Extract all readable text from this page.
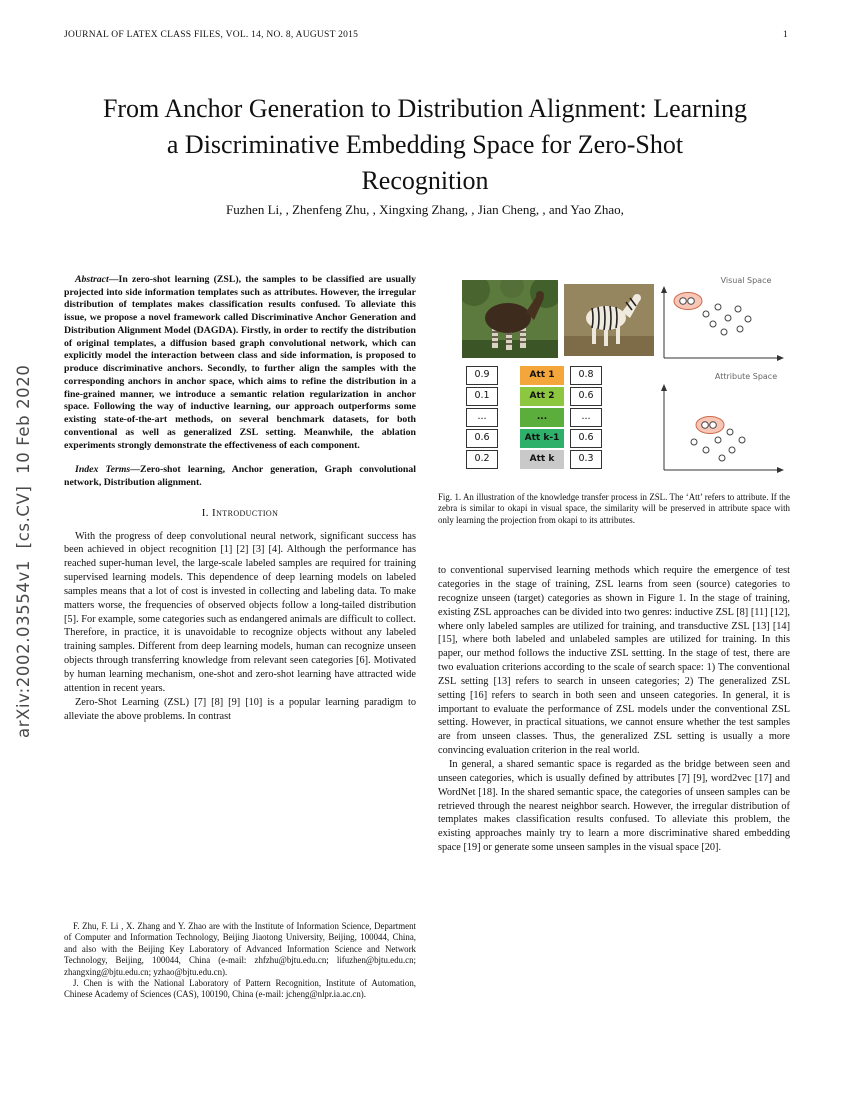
JOURNAL OF LATEX CLASS FILES, VOL. 14, NO. 8, AUGUST 2015	1
arXiv:2002.03554v1  [cs.CV]  10 Feb 2020
From Anchor Generation to Distribution Alignment: Learning a Discriminative Embedding Space for Zero-Shot Recognition
Fuzhen Li, , Zhenfeng Zhu, , Xingxing Zhang, , Jian Cheng, , and Yao Zhao,

Abstract—In zero-shot learning (ZSL), the samples to be classified are usually projected into side information templates such as attributes. However, the irregular distribution of templates makes classification results confused. To alleviate this issue, we propose a novel framework called Discriminative Anchor Generation and Distribution Alignment Model (DAGDA). Firstly, in order to rectify the distribution of original templates, a diffusion based graph convolutional network, which can explicitly model the interaction between class and side information, is proposed to produce discriminative anchors. Secondly, to further align the samples with the corresponding anchors in anchor space, which aims to refine the distribution in a fine-grained manner, we introduce a semantic relation regularization in anchor space. Following the way of inductive learning, our approach outperforms some existing state-of-the-art methods, on several benchmark datasets, for both conventional as well as generalized ZSL setting. Meanwhile, the ablation experiments strongly demonstrate the effectiveness of each component.

Index Terms—Zero-shot learning, Anchor generation, Graph convolutional network, Distribution alignment.

I. Introduction

With the progress of deep convolutional neural network, significant success has been achieved in object recognition [1] [2] [3] [4]. Although the performance has reached super-human level, the large-scale labeled samples are required for training supervised learning models. This dependence of deep learning models on labeled samples means that a lot of cost is invested in collecting and labeling data. To make matters worse, the frequencies of observed objects follow a long-tailed distribution [5]. For example, some categories such as endangered animals are difficult to collect. Therefore, in practice, it is unavoidable to recognize objects without any labeled training samples. Different from deep learning models, human can recognize unseen objects through transferring knowledge from relevant seen categories [6]. Motivated by human learning mechanism, one-shot and zero-shot learning have attracted wide attention in recent years.

Zero-Shot Learning (ZSL) [7] [8] [9] [10] is a popular learning paradigm to alleviate the above problems. In contrast

F. Zhu, F. Li , X. Zhang and Y. Zhao are with the Institute of Information Science, Department of Computer and Information Technology, Beijing Jiaotong University, Beijing, 100044, China, and also with the Beijing Key Laboratory of Advanced Information Science and Network Technology, Beijing, 100044, China (e-mail: zhfzhu@bjtu.edu.cn; lifuzhen@bjtu.edu.cn; zhangxing@bjtu.edu.cn; yzhao@bjtu.edu.cn).

J. Chen is with the National Laboratory of Pattern Recognition, Institute of Automation, Chinese Academy of Sciences (CAS), 100190, China (e-mail: jcheng@nlpr.ia.ac.cn).

Visual Space
Attribute Space
0.9
0.1
...
0.6
0.2
Att 1
Att 2
...
Att k-1
Att k
0.8
0.6
...
0.6
0.3

Fig. 1. An illustration of the knowledge transfer process in ZSL. The ‘Att’ refers to attribute. If the zebra is similar to okapi in visual space, the similarity will be preserved in attribute space with only learning the projection from okapi to its attributes.

to conventional supervised learning methods which require the emergence of test categories in the stage of training, ZSL learns from seen (source) categories to recognize unseen (target) categories as shown in Figure 1. In the stage of training, existing ZSL approaches can be divided into two genres: inductive ZSL [8] [11] [12], where only labeled samples are utilized for training, and transductive ZSL [13] [14] [15], where both labeled and unlabeled samples are utilized for training. In this paper, our method follows the inductive ZSL settting. In the stage of test, there are two evaluation criterions according to the scale of search space: 1) The conventional ZSL setting [13] refers to search in unseen categories; 2) The generalized ZSL setting [16] refers to search in both seen and unseen categories. In general, it is important to evaluate the performance of ZSL models under the conventional ZSL setting. However, in practical situations, we cannot ensure whether the test samples are from unseen classes. Thus, the generalized ZSL setting is usually a more convincing evaluation criterion in the real world.

In general, a shared semantic space is regarded as the bridge between seen and unseen categories, which is usually defined by attributes [7] [9], word2vec [17] and WordNet [18]. In the shared semantic space, the categories of unseen samples can be retrieved through the nearest neighbor search. However, the irregular distribution of templates makes classification results confused. To alleviate this problem, the existing approaches mainly try to learn a more discriminative shared embedding space [19] or generate some unseen samples in the visual space [20].
